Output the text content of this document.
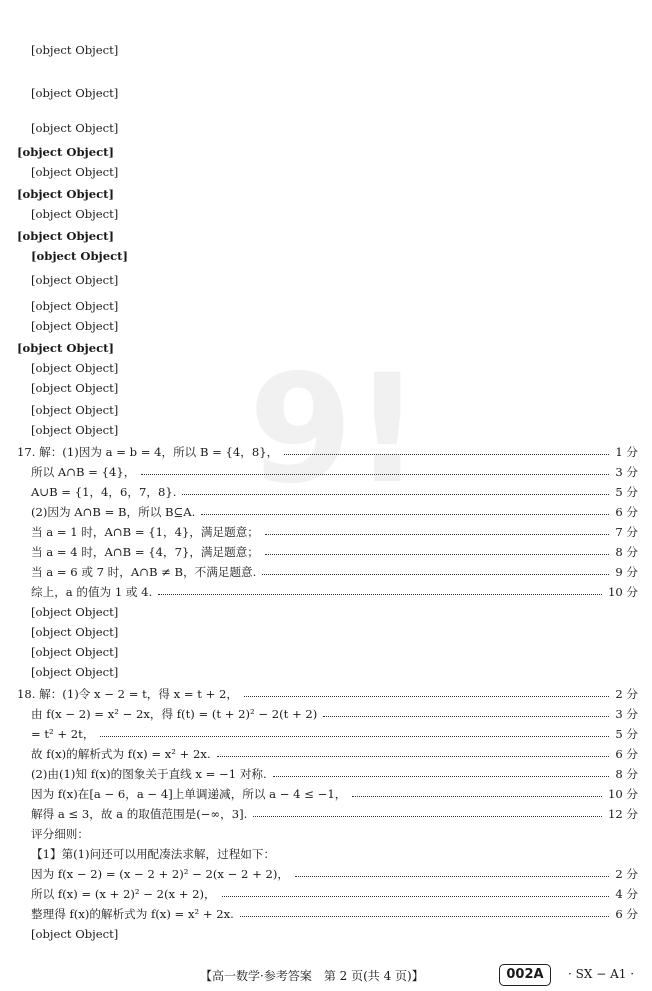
9!
[object Object]
[object Object]
[object Object]
[object Object]
[object Object]
[object Object]
[object Object]
[object Object]
[object Object]
[object Object]
[object Object]
[object Object]
[object Object]
[object Object]
[object Object]
[object Object]
[object Object]
17. 解：(1)因为 a = b = 4，所以 B = {4，8}，	1 分
所以 A∩B = {4}，	3 分
A∪B = {1，4，6，7，8}.	5 分
(2)因为 A∩B = B，所以 B⊆A.	6 分
当 a = 1 时，A∩B = {1，4}，满足题意；	7 分
当 a = 4 时，A∩B = {4，7}，满足题意；	8 分
当 a = 6 或 7 时，A∩B ≠ B，不满足题意.	9 分
综上，a 的值为 1 或 4.	10 分
[object Object]
[object Object]
[object Object]
[object Object]
18. 解：(1)令 x − 2 = t，得 x = t + 2，	2 分
由 f(x − 2) = x² − 2x，得 f(t) = (t + 2)² − 2(t + 2)	3 分
= t² + 2t，	5 分
故 f(x)的解析式为 f(x) = x² + 2x.	6 分
(2)由(1)知 f(x)的图象关于直线 x = −1 对称.	8 分
因为 f(x)在[a − 6，a − 4]上单调递减，所以 a − 4 ≤ −1，	10 分
解得 a ≤ 3，故 a 的取值范围是(−∞，3].	12 分
评分细则：
【1】第(1)问还可以用配凑法求解，过程如下：
因为 f(x − 2) = (x − 2 + 2)² − 2(x − 2 + 2)，	2 分
所以 f(x) = (x + 2)² − 2(x + 2)，	4 分
整理得 f(x)的解析式为 f(x) = x² + 2x.	6 分
[object Object]
【高一数学·参考答案　第 2 页(共 4 页)】	002A	· SX − A1 ·
